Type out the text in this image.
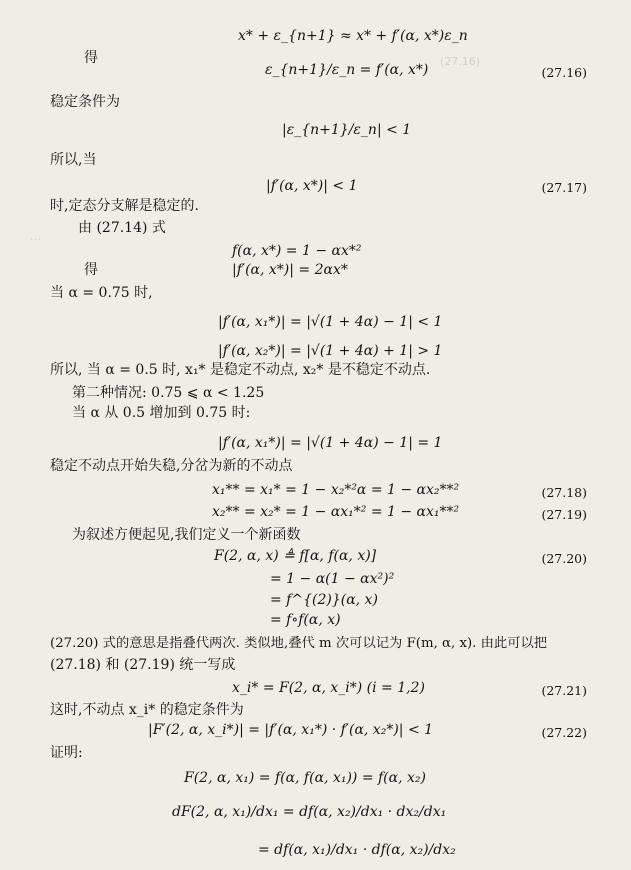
(27.16)
…
x* + ε_{n+1} ≈ x* + f′(α, x*)ε_n
得
ε_{n+1}/ε_n = f′(α, x*)	(27.16)
稳定条件为
|ε_{n+1}/ε_n| < 1
所以,当
|f′(α, x*)| < 1	(27.17)
时,定态分支解是稳定的.
由 (27.14) 式
f(α, x*) = 1 − αx*²
得	|f′(α, x*)| = 2αx*
当 α = 0.75 时,
|f′(α, x₁*)| = |√(1 + 4α) − 1| < 1
|f′(α, x₂*)| = |√(1 + 4α) + 1| > 1
所以, 当 α = 0.5 时, x₁* 是稳定不动点, x₂* 是不稳定不动点.
第二种情况: 0.75 ⩽ α < 1.25
当 α 从 0.5 增加到 0.75 时:
|f′(α, x₁*)| = |√(1 + 4α) − 1| = 1
稳定不动点开始失稳,分岔为新的不动点
x₁** = x₁* = 1 − x₂*²α = 1 − αx₂**²	(27.18)
x₂** = x₂* = 1 − αx₁*² = 1 − αx₁**²	(27.19)
为叙述方便起见,我们定义一个新函数
F(2, α, x) ≜ f[α, f(α, x)]	(27.20)
= 1 − α(1 − αx²)²
= f^{(2)}(α, x)
= f∘f(α, x)
(27.20) 式的意思是指叠代两次. 类似地,叠代 m 次可以记为 F(m, α, x). 由此可以把
(27.18) 和 (27.19) 统一写成
x_i* = F(2, α, x_i*) (i = 1,2)	(27.21)
这时,不动点 x_i* 的稳定条件为
|F′(2, α, x_i*)| = |f′(α, x₁*) · f′(α, x₂*)| < 1	(27.22)
证明:
F(2, α, x₁) = f(α, f(α, x₁)) = f(α, x₂)
dF(2, α, x₁)/dx₁ = df(α, x₂)/dx₁ · dx₂/dx₁
= df(α, x₁)/dx₁ · df(α, x₂)/dx₂
